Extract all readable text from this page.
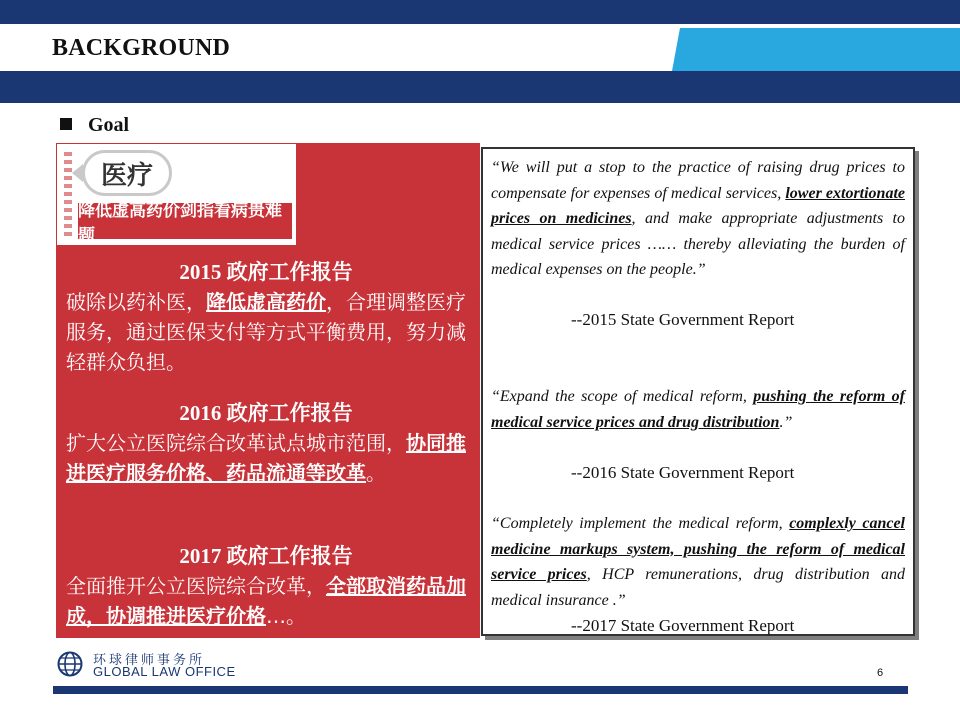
BACKGROUND
Goal
医疗
降低虚高药价剑指看病贵难题
2015 政府工作报告
破除以药补医，降低虚高药价，合理调整医疗服务，通过医保支付等方式平衡费用，努力减轻群众负担。
2016 政府工作报告
扩大公立医院综合改革试点城市范围，协同推进医疗服务价格、药品流通等改革。
2017 政府工作报告
全面推开公立医院综合改革，全部取消药品加成，协调推进医疗价格…。
“We will put a stop to the practice of raising drug prices to compensate for expenses of medical services, lower extortionate prices on medicines, and make appropriate adjustments to medical service prices …… thereby alleviating the burden of medical expenses on the people.”
--2015 State Government Report
“Expand the scope of medical reform, pushing the reform of medical service prices and drug distribution.”
--2016 State Government Report
“Completely implement the medical reform, complexly cancel medicine markups system, pushing the reform of medical service prices, HCP remunerations, drug distribution and medical insurance .”
--2017 State Government Report
环球律师事务所
GLOBAL LAW OFFICE	6
